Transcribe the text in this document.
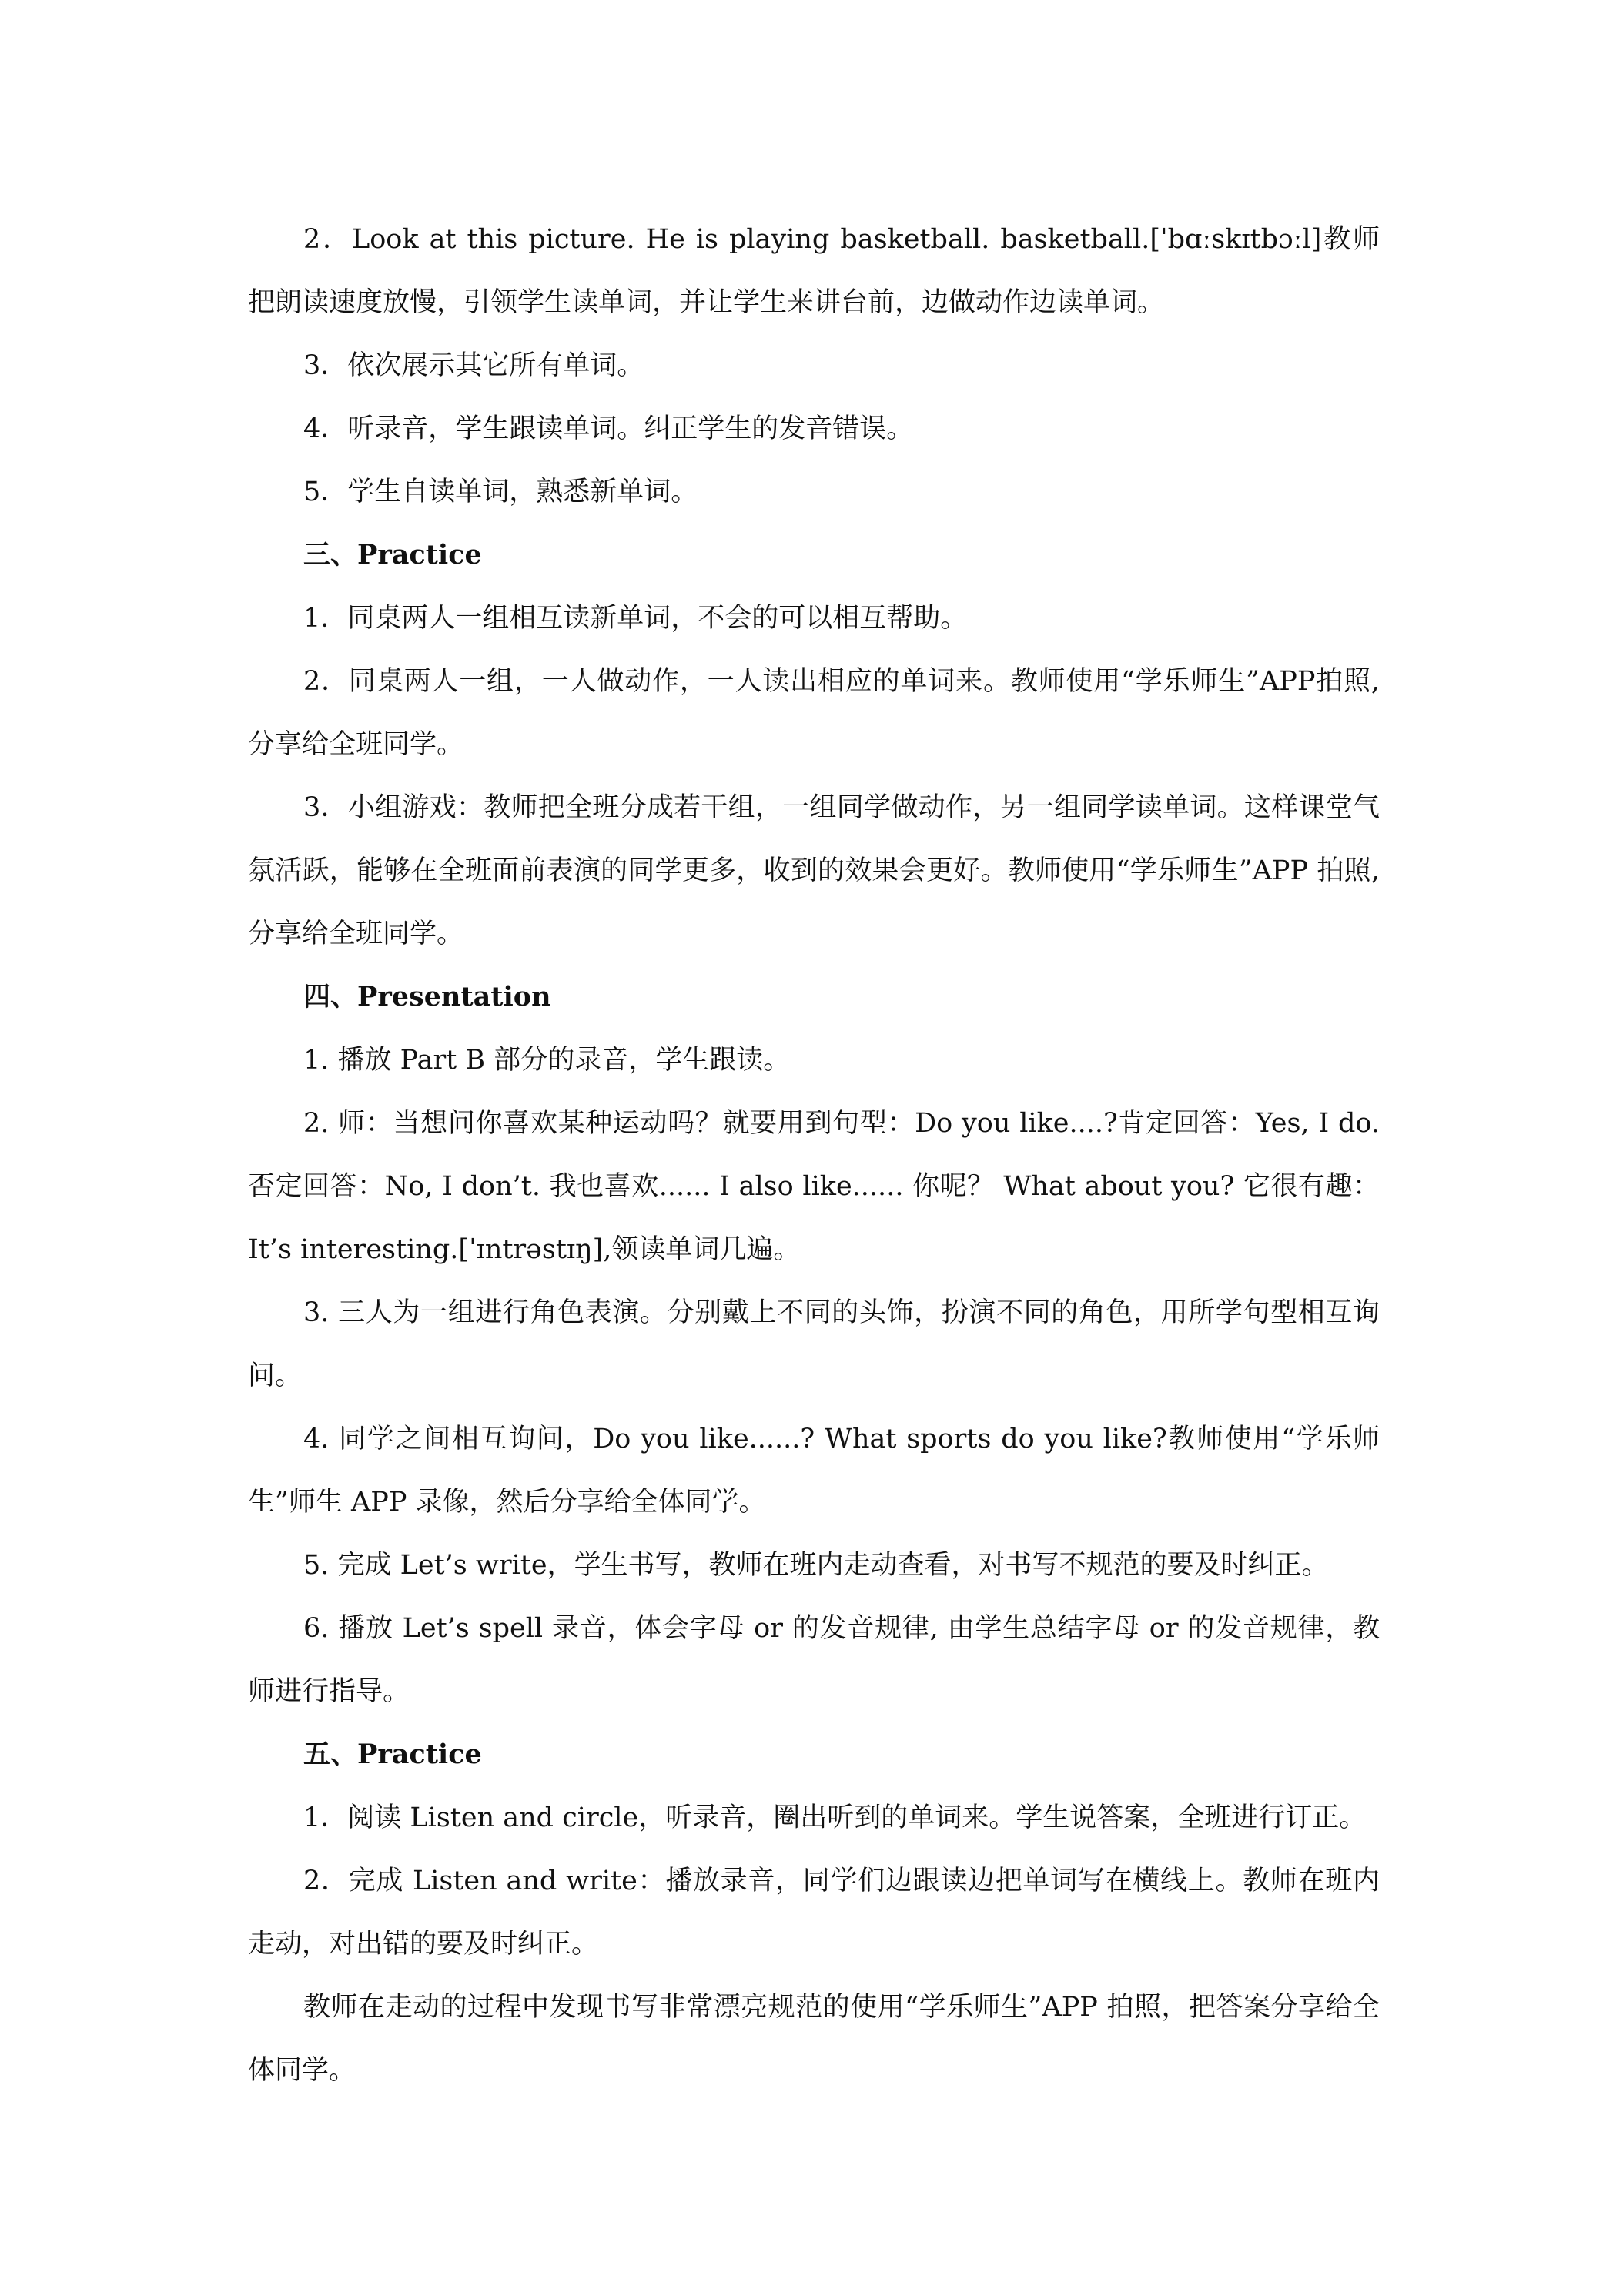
2．Look at this picture. He is playing basketball. basketball.[ˈbɑːskɪtbɔːl]教师把朗读速度放慢，引领学生读单词，并让学生来讲台前，边做动作边读单词。

3．依次展示其它所有单词。

4．听录音，学生跟读单词。纠正学生的发音错误。

5．学生自读单词，熟悉新单词。

三、Practice

1．同桌两人一组相互读新单词，不会的可以相互帮助。

2．同桌两人一组，一人做动作，一人读出相应的单词来。教师使用“学乐师生”APP拍照,分享给全班同学。

3．小组游戏：教师把全班分成若干组，一组同学做动作，另一组同学读单词。这样课堂气氛活跃，能够在全班面前表演的同学更多，收到的效果会更好。教师使用“学乐师生”APP 拍照,分享给全班同学。

四、Presentation

1. 播放 Part B 部分的录音，学生跟读。

2. 师：当想问你喜欢某种运动吗？就要用到句型：Do you like....?肯定回答：Yes, I do. 否定回答：No, I don’t. 我也喜欢...... I also like...... 你呢？ What about you? 它很有趣：It’s interesting.[ˈɪntrəstɪŋ],领读单词几遍。

3. 三人为一组进行角色表演。分别戴上不同的头饰，扮演不同的角色，用所学句型相互询问。

4. 同学之间相互询问，Do you like......? What sports do you like?教师使用“学乐师生”师生 APP 录像，然后分享给全体同学。

5. 完成 Let’s write，学生书写，教师在班内走动查看，对书写不规范的要及时纠正。

6. 播放 Let’s spell 录音，体会字母 or 的发音规律, 由学生总结字母 or 的发音规律，教师进行指导。

五、Practice

1．阅读 Listen and circle，听录音，圈出听到的单词来。学生说答案，全班进行订正。

2．完成 Listen and write：播放录音，同学们边跟读边把单词写在横线上。教师在班内走动，对出错的要及时纠正。

教师在走动的过程中发现书写非常漂亮规范的使用“学乐师生”APP 拍照，把答案分享给全体同学。
